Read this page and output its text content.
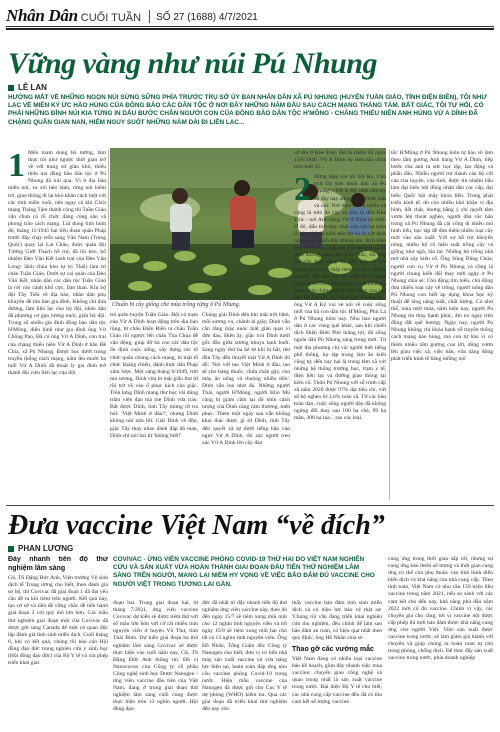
Nhân Dân CUỐI TUẦN SỐ 27 (1688) 4/7/2021
Vững vàng như núi Pú Nhung
LÊ LAN
HƯỚNG MẮT VỀ NHỮNG NGỌN NÚI SỪNG SỮNG PHÍA TRƯỚC TRỤ SỞ ỦY BAN NHÂN DÂN XÃ PÚ NHUNG (HUYỆN TUẦN GIÁO, TỈNH ĐIỆN BIÊN), TÔI NHƯ LẠC VỀ MIỀN KÝ ỨC HÀO HÙNG CỦA ĐỒNG BÀO CÁC DÂN TỘC Ở NƠI ĐÂY NHỮNG NĂM ĐẦU SAU CÁCH MẠNG THÁNG TÁM. BẤT GIÁC, TÔI TỰ HỎI, CÓ PHẢI NHỮNG ĐỈNH NÚI KIA TỪNG IN DẤU BƯỚC CHÂN NGƯỜI CON CỦA ĐỒNG BÀO DÂN TỘC H'MÔNG - CHÁNG THIẾU NIÊN ANH HÙNG VỪ A DÍNH ĐÃ CHẶNG QUÂN GIAN NAN, HIỂM NGUY SUỐT NHỮNG NĂM DÀI ĐI LIÊN LẠC...
1 Mến mam dong hồ tướng, tâm thực tôi như ngược thời gian trở về với trang sử giàu khó, thiếu thốn mà đồng bào dân tộc ở Pú Nhung đã trải qua. Vì ở địa bàn miền núi, xa xôi hẻo lánh, rừng núi hiểm trở, giao thông đi lại khó khăn cách biệt với các tỉnh miền xuôi, nên ngay cả khi Cách mạng Tháng Tám thành công thì Tuần Giáo vẫn chưa có tổ chức đảng cũng sản và phong trào cách mạng. Lúi dung tình hình đó, tháng 11/1945 hai tiểu đoàn quân Pháp trước đây chạy trốn sang Vân Nam (Trung Quốc) quay lại Lai Châu, được quân đội Tưởng Giới Thạch hỗ trợ, đã lôi kéo, bổ nhiệm Đèo Văn Kết (anh trai của Đèo Văn Long- lãnh chúa khu tự trị Thái) làm tri châu Tuần Giáo. Dưới sự cai quản của Đèo Văn Kết, nhân dân các dân tộc Tuần Giáo là rơi vào cảnh khổ cực, lầm than. Khi bộ đội Tây Tiến về địa bàn, nhân dân phụ khuyên để tìm bản gia đình. Không chỉ đưa đường, làm liên lạc cho bộ đội, nhân dân đã phương cơ gạo lương nuôi, giấu bộ đội. Trong số nhiều gia đình đồng bào dân tộc H'Mông, điển hình như gia đình ông Vừ Chông Pao, Đã có ông Vừ A Dính, con trai của chàng thiếu niên Vừ A Dính ở bản Đề Chia, xã Pú Nhung. Được học dưới trong truyền thống cách mạng, năm lên mười ba tuổi Vừ A Dính đã thoát ly gia đình trở thành đội viên liên lạc của đội
Chuẩn bị cây giống chè mùa trồng rừng ở Pú Nhung.
trú quân huyện Tuần Giáo. Đội có trạm của Vừ A Dính hoạt động trên địa bàn rộng, từ châu Điện Biên ra châu Tuần Giáo rồi ngược lên châu Tủa Chùa để vận động, giúp đỡ bà con các dân tộc ổn định cuộc sống, xây dựng các tổ chức quần chúng cách mạng, bí mật tổ chức kháng chiến, đánh thực dân Pháp xâm lược. Một sáng tháng 6/1949, trời mù sương, Dính vừa bí mật giấu thư từ rồi trở về vào ổ phục kích của giặc. Trên lưng Dính mang thư bọc vải đúng trăm viện đạn mà mẹ Dính vừa trao. Bắt được Dính, tình Tây mừng rỡ tra hỏi: 'Việt Minh ở đâu?', nhưng Dính không nói nửa lời. Giải Dính về đồn, giặc Tây thay nhau đánh đập dã man, Dính chỉ nói hai từ 'không biết!'
Chúng giải Dính đến khi mặt trời bắm, mõi sương vu, chành lả giây, Dinh vẫn cắn răng mặc nuôc mắt giàn quai vì đớn đau. Điên ây, giặc trói Dính dưới gốc đầo giữa sương khuya lạnh buốt. Sáng ngày thứ ba kẻ từ khi bị bắt, tên đồn Tây đến thuyết mặt Vừ A Dính đủ dỗ: 'Nói với tao Việt Minh ở đâu, tao sẽ cho bảng thuốc, chứa chắn gây, cho mây ăn uống và thuòng nhiều tiền'. Dính vẫn lon như đá. Những người Thái, người H'Mông, người Kho Mú cùng bị giam cầm tại đó nhìn cảnh tượng của Dính càng cảm thương, mến phục. Thèm một ngày sau vẫn không khai thác được gì từ Dính, tình Tây đến quyết xã tự dưới tiếng bão vào ngực Vừ A Dính, rồi xác người treo xác Vừ A Dính lên cây đào
cố thu ở Khe Trúc. Đó là chiều tối ngày 15/6/1949. Vừ A Dính hy sinh khi chưa tròn tuổi 15...
2 Đứng lặng sau tôi hồi lâu, Chủ tịch Ủy ban nhân dân xã Pú Nhung - Vừ A Ký mời chị tay về dây nay sừng sững trước mặt và nói: Nơi theo chiều chiều và cũng là trên đa cây số nữa là đến Khe Trúc - nơi Anh hùng Vừ A Dính hy sinh. Ở đó, dấu tích duy nhất còn sót lại hiện là hàng kè đá kiêu như bờ kè lọ cót dịch ngay xưa. Cách đây không lâu, dịch thần ông Vừ A Ký cùng cán bộ văn hóa xã đã theo đường rừng đến Khe Trúc, rồi ông Ký cẩn thận chụp kỹ dấu tích có vui mong muốn thu thập thêm tư liệu, những chuyện đặt sau này để xuất phục dựng điểm di tích nơi Anh hùng Vừ A Dính hy sinh. Đưa chúng tôi đi một vòng qua các bản Để Chia A, B, Chua Lu, Phiêng Pi... ông Vừ A Ký vui vẻ nói về cuộc sống mới của bà con dân tộc H'Mông, Phù Lá ở Pú Nhung hôm nay. Nhu bao người dân ở các vùng quê khác, sau khi chiến dịch Điện Biên Phủ thắng lợi, đã sống ngoài dân Pú Nhung sáng trong mới. Từ một địa phương chỉ vài người biết tiếng phổ thông, họ tập trung làm ăn kiến cũng tự, đến nay hai là trung tâm xã với những hệ thống trường học, trạm y tế, điện liên lạc và đường giao thông lại kiên cố. Thôn Pú Nhung với số trình cấp xã năm 2020 được 97% đạt tiêu chí, với số hộ nghèo từ 1,6% toàn xã. Từ các bàn toàn dàn, cuộc sống người dân đã không ngừng đổi thay sau 100 ha chè, 99 ha mận, 300 ha lúa... rau các loại.
tốc H'Mông ở Pú Nhung luôn tự hào về làm theo tấm gương Anh hùng Vừ A Dính, tiếp bước cha anh ra sức học tập, lao động và phấn đấu. Nhiều người trở thành cán bộ cốt cán của huyện, của tỉnh; được tin nhiệm bầu làm đại biểu hội đồng nhân dân các cấp, đại biểu Quốc hội máy khóa liền. Trong phát triển kinh tế, dù còn nhiều khó khăn vì địa hình, đất chật, nhưng bằng ý chí quyết tâm vươn lên thoát nghèo, người dân các bản trong xã Pú Nhung đã cải công di nhiều mô hình tiểu, học tập để đưa thêm nhiều loại cây mới vào sản xuất. Với sự hỗ trợ khuyến nông, nhiều hộ có hiệu suất trồng cây và giống như ngô, lúa lai. Những hộ trồng nhà mở nhà xây kiên cố. Ông Sùng Dũng Chúa, người con cụ Vừ ở Pú Nhung và cũng là người chung kiến đổi thay mới ngày ở Pú Nhung chia sẻ: Chủ động tìm hiểu, chủ động đưa nhiều loại cây về trồng, người nông dân Pú Nhung con biết áp dụng khoa học kỹ thuật để tăng năng suất, chất lượng. Có như thế, mùa mới mùa, năm hiện nay, người Pú Nhung tin thay hạnh phúc, ấm no ngay trên đồng đất quê hương. Ngày nay, người Pú Nhung không chỉ khỏa hạnh về truyền thống cách mạng hào hùng, mà con tự hào vì có thêm nhiều tấm gương con lời, dũng vươn lên giàu việc xã, việc bản, vừa năng động phát triển kinh tế bằng những mô
Đưa vaccine Việt Nam “về đích”
PHAN LƯƠNG
COVIVAC - ỨNG VIÊN VACCINE PHÒNG COVID-19 THỨ HAI DO VIỆT NAM NGHIÊN CỨU VÀ SẢN XUẤT VỪA HOÀN THÀNH GIAI ĐOẠN ĐẦU TIÊN THỬ NGHIỆM LÂM SÀNG TRÊN NGƯỜI, MANG LẠI NIỀM HY VỌNG VỀ VIỆC BẢO ĐẢM ĐỦ VACCINE CHO NGƯỜI VIỆT TRONG TƯƠNG LAI GẦN.
Đẩy nhanh tiến độ thử nghiệm lâm sàng
GS, TS Đặng Đức Anh, Viện trưởng Vệ sinh dịch tễ Trung ương cho biết, theo đánh giá sơ bộ, thì Covivac đã giai đoạn 1 đã đạt yêu cầu đề ra khi tiêm trên người. Kết quả này, tạo cơ sở và tiền đề vững chắc để tiến hành giai đoạn 2 với quy mô lớn hơn. Các mẫu thử nghiệm giai đoạn một cũa Covivac đã được gửi sang Canada để một cơ quan độc lập đánh giá tính sinh miễn dịch. Cuối tháng 6, khi có kết quả, chúng tôi báo cáo Hội đồng đạo đức trong nghiên cứu y sinh học (Hội đồng đạo đức) của Bộ Y tế và xin phép triển khai giai
đoạn hai. Trong giai đoạn hai, từ tháng 7/2021, ứng viên vaccine Covivac dự kiến sẽ được tiêm thử với số mẫu lớn hơn với cỡ rất nhiều tình nguyện viên ở huyện Vũ Thư, tỉnh Thái Bình. Dự kiến giai đoạn ba thử nghiệm lâm sàng Covivac sẽ được thực hiện vào cuối năm nay, GS, TS Đặng Đức Anh thông tin. Đồ vị Nanocovax của Công ty cổ phần Công nghệ sinh học Dược Nanogen - ứng viên vaccine đầu tiên của Việt Nam, đang ở trong giai đoạn thử nghiệm lâm sàng cuối cùng được thực hiện trên 13 nghìn người. Hội đồng đạo
đức đã nhất trí đẩy nhanh tiến độ thử nghiệm ứng viên vaccine này, theo đó đến ngày 15/7 sẽ tiêm xong mũi một cho 12 nghìn tình nguyện viên và tới ngày 15/8 sẽ tiêm xong mũi hai cho tất cả 13 nghìn tình nguyện viên. Ông Hồ Nhân, Tổng Giám đốc Công ty Nanogen cho biết, đơn vị có bốn nhà máy sản xuất vaccine và vừa nâng lực hiện tại, hoàn toàn đáp ứng nhu cầu vaccine phòng Covid-19 trong nước. Hiện mẫu vaccine của Nanogen đã được gửi cho Cục Y tế dự phòng (WHO) kiểm tra. Qua các giai đoạn đã triển khai thử nghiệm đến nay cho
thấy vaccine bảo đảm tính sinh miễn dịch và có hiệu lực bảo vệ thật sự. 'Chúng tôi vẫn đang triển khai nghiên cứu thu nghiệm, đều chính để làm sao bảo đảm an toàn, có hiệu quả nhất theo quy định', ông Hồ Nhân chia sẻ.
Thao gỡ các vướng mắc
Việt Nam đang có nhiều loại vaccine bảo kề hoạch, gồm đây nhanh việc mua vaccine; chuyển giao công nghệ và quan trọng nhất là sản xuất vaccine trong nước. Đại diện Bộ Y tế cho biết, các nhà cung cấp vaccine đều đã có thu cam kết số lượng vaccine
cung ứng trong thời gian sắp tới, nhưng sự cung ứng bảo thêm số lượng và thời gian cung ứng có thể còn phụ thuộc vào tình hình diễn biến dịch và khả năng của nhà cung cấp. Theo tính toán, Việt Nam có nhu cầu 150 triệu liều vaccine trong năm 2021, nếu so sánh với các cam kết cho đến nay, khả năng phủ đầu năm 2022 mới có đủ vaccine. Chính vì vậy, các chuyên gia cho rằng, tới vị vaccine nội được cấp phép thì mới bảo đảm được khả năng cung ứng cho người Việt. Việc sản xuất được vaccine trong nước, sẽ làm giảm giá thành với chuyển và giúp chúng ta hoàn toàn tự chủ trong phòng, chống dịch. Để thúc đẩy sản xuất vaccine trong nước, phía doanh nghiệp
